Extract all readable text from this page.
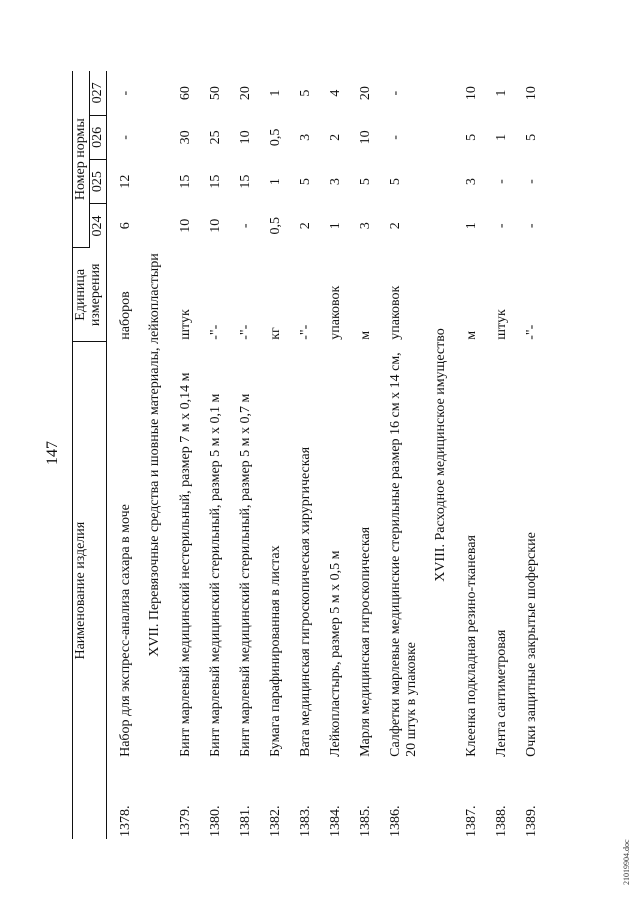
147
Наименование изделия		Единица измерения	Номер нормы			
			024	025	026	027

1378.	Набор для экспресс-анализа сахара в моче	наборов	6	12	-	-
XVII. Перевязочные средства и шовные материалы, лейкопластыри						
1379.	Бинт марлевый медицинский нестерильный, размер 7 м x 0,14 м	штук	10	15	30	60
1380.	Бинт марлевый медицинский стерильный, размер 5 м x 0,1 м	-"-	10	15	25	50
1381.	Бинт марлевый медицинский стерильный, размер 5 м x 0,7 м	-"-	-	15	10	20
1382.	Бумага парафинированная в листах	кг	0,5	1	0,5	1
1383.	Вата медицинская гигроскопическая хирургическая	-"-	2	5	3	5
1384.	Лейкопластырь, размер 5 м x 0,5 м	упаковок	1	3	2	4
1385.	Марля медицинская гигроскопическая	м	3	5	10	20
1386.	Салфетки марлевые медицинские стерильные размер 16 см x 14 см, 20 штук в упаковке	упаковок	2	5	-	-
XVIII. Расходное медицинское имущество						
1387.	Клеенка подкладная резино-тканевая	м	1	3	5	10
1388.	Лента сантиметровая	штук	-	-	1	1
1389.	Очки защитные закрытые шоферские	-"-	-	-	5	10
21019904.doc
